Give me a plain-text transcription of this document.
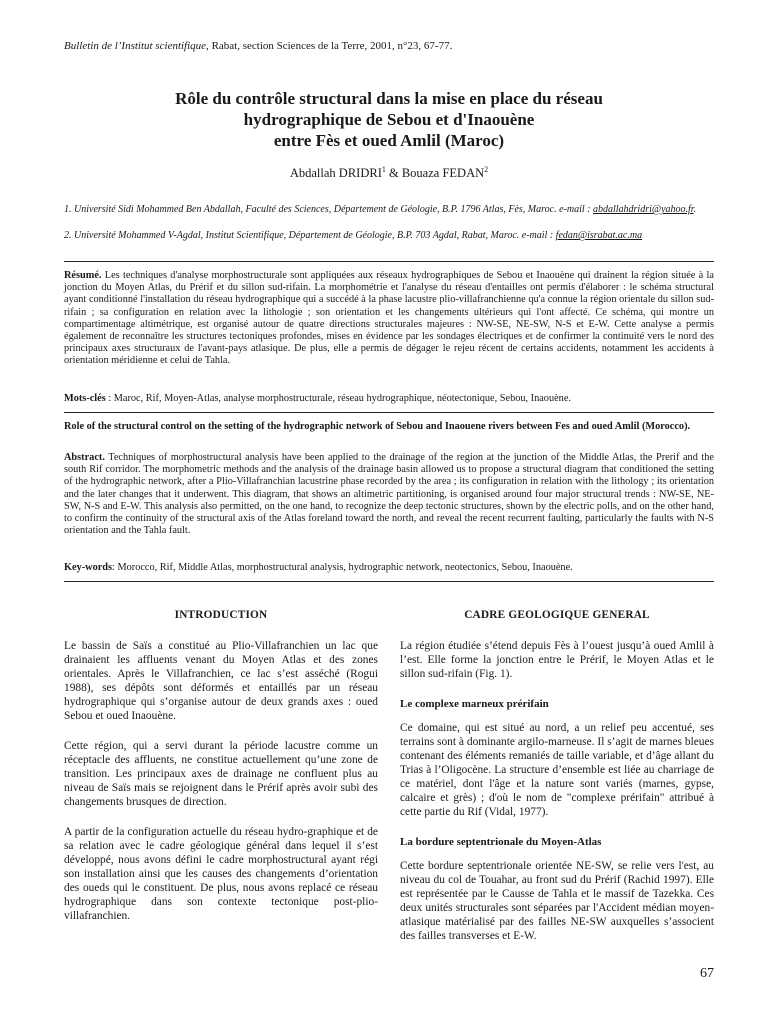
Bulletin de l’Institut scientifique, Rabat, section Sciences de la Terre, 2001, n°23, 67-77.
Rôle du contrôle structural dans la mise en place du réseau
hydrographique de Sebou et d'Inaouène
entre Fès et oued Amlil (Maroc)
Abdallah DRIDRI$^1$ & Bouaza FEDAN$^2$
1. Université Sidi Mohammed Ben Abdallah, Faculté des Sciences, Département de Géologie, B.P. 1796 Atlas, Fès, Maroc. e-mail : abdallahdridri@yahoo.fr.
2. Université Mohammed V-Agdal, Institut Scientifique, Département de Géologie, B.P. 703 Agdal, Rabat, Maroc. e-mail : fedan@israbat.ac.ma
Résumé. Les techniques d'analyse morphostructurale sont appliquées aux réseaux hydrographiques de Sebou et Inaouène qui drainent la région située à la jonction du Moyen Atlas, du Prérif et du sillon sud-rifain. La morphométrie et l'analyse du réseau d'entailles ont permis d'élaborer : le schéma structural ayant conditionné l'installation du réseau hydrographique qui a succédé à la phase lacustre plio-villafranchienne qu'a connue la région orientale du sillon sud-rifain ; sa configuration en relation avec la lithologie ; son orientation et les changements ultérieurs qui l'ont affecté. Ce schéma, qui montre un compartimentage altimétrique, est organisé autour de quatre directions structurales majeures : NW-SE, NE-SW, N-S et E-W. Cette analyse a permis également de reconnaître les structures tectoniques profondes, mises en évidence par les sondages électriques et de confirmer la continuité vers le nord des principaux axes structuraux de l'avant-pays atlasique. De plus, elle a permis de dégager le rejeu récent de certains accidents, notamment les accidents à orientation méridienne et celui de Tahla.
Mots-clés : Maroc, Rif, Moyen-Atlas, analyse morphostructurale, réseau hydrographique, néotectonique, Sebou, Inaouène.
Role of the structural control on the setting of the hydrographic network of Sebou and Inaouene rivers between Fes and oued Amlil (Morocco).
Abstract. Techniques of morphostructural analysis have been applied to the drainage of the region at the junction of the Middle Atlas, the Prerif and the south Rif corridor. The morphometric methods and the analysis of the drainage basin allowed us to propose a structural diagram that conditioned the setting of the hydrographic network, after a Plio-Villafranchian lacustrine phase recorded by the area ; its configuration in relation with the lithology ; its orientation and the later changes that it underwent. This diagram, that shows an altimetric partitioning, is organised around four major structural trends : NW-SE, NE-SW, N-S and E-W. This analysis also permitted, on the one hand, to recognize the deep tectonic structures, shown by the electric polls, and on the other hand, to confirm the continuity of the structural axis of the Atlas foreland toward the north, and reveal the recent recurrent faulting, particularly the faults with N-S orientation and the Tahla fault.
Key-words: Morocco, Rif, Middle Atlas, morphostructural analysis, hydrographic network, neotectonics, Sebou, Inaouène.
INTRODUCTION

Le bassin de Saïs a constitué au Plio-Villafranchien un lac que drainaient les affluents venant du Moyen Atlas et des zones orientales. Après le Villafranchien, ce lac s’est asséché (Rogui 1988), ses dépôts sont déformés et entaillés par un réseau hydrographique qui s’organise autour de deux grands axes : oued Sebou et oued Inaouène.

Cette région, qui a servi durant la période lacustre comme un réceptacle des affluents, ne constitue actuellement qu’une zone de transition. Les principaux axes de drainage ne confluent plus au niveau de Saïs mais se rejoignent dans le Prérif après avoir subi des changements brusques de direction.

A partir de la configuration actuelle du réseau hydro-graphique et de sa relation avec le cadre géologique général dans lequel il s’est développé, nous avons défini le cadre morphostructural ayant régi son installation ainsi que les causes des changements d’orientation des oueds qui le constituent. De plus, nous avons replacé ce réseau hydrographique dans son contexte tectonique post-plio-villafranchien.

CADRE GEOLOGIQUE GENERAL

La région étudiée s’étend depuis Fès à l’ouest jusqu’à oued Amlil à l’est. Elle forme la jonction entre le Prérif, le Moyen Atlas et le sillon sud-rifain (Fig. 1).

Le complexe marneux prérifain

Ce domaine, qui est situé au nord, a un relief peu accentué, ses terrains sont à dominante argilo-marneuse. Il s’agit de marnes bleues contenant des éléments remaniés de taille variable, et d’âge allant du Trias à l’Oligocène. La structure d’ensemble est liée au charriage de ce matériel, dont l'âge et la nature sont variés (marnes, gypse, calcaire et grès) ; d'où le nom de "complexe prérifain" attribué à cette partie du Rif (Vidal, 1977).

La bordure septentrionale du Moyen-Atlas

Cette bordure septentrionale orientée NE-SW, se relie vers l'est, au niveau du col de Touahar, au front sud du Prérif (Rachid 1997). Elle est représentée par le Causse de Tahla et le massif de Tazekka. Ces deux unités structurales sont séparées par l'Accident médian moyen-atlasique matérialisé par des failles NE-SW auxquelles s’associent des failles transverses et E-W.

67
